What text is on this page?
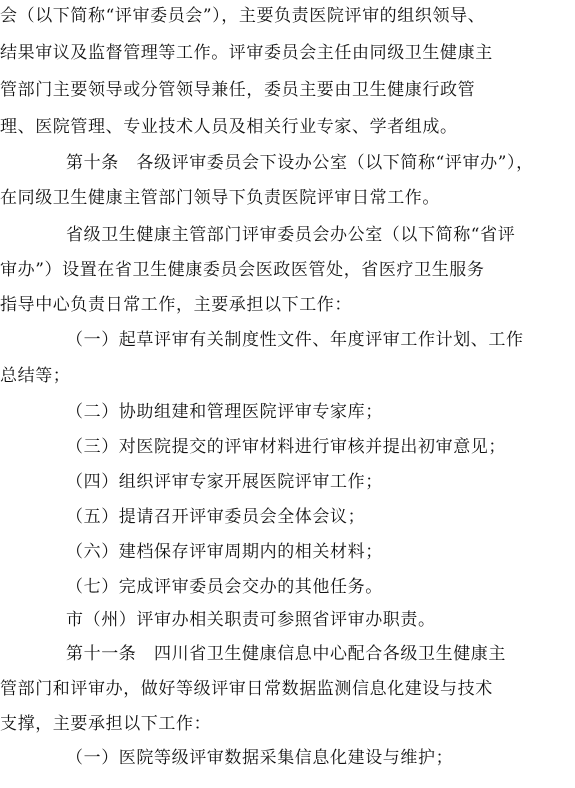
会（以下简称“评审委员会”），主要负责医院评审的组织领导、
结果审议及监督管理等工作。评审委员会主任由同级卫生健康主
管部门主要领导或分管领导兼任，委员主要由卫生健康行政管
理、医院管理、专业技术人员及相关行业专家、学者组成。
第十条　各级评审委员会下设办公室（以下简称“评审办”），
在同级卫生健康主管部门领导下负责医院评审日常工作。
省级卫生健康主管部门评审委员会办公室（以下简称“省评
审办”）设置在省卫生健康委员会医政医管处，省医疗卫生服务
指导中心负责日常工作，主要承担以下工作：
（一）起草评审有关制度性文件、年度评审工作计划、工作
总结等；
（二）协助组建和管理医院评审专家库；
（三）对医院提交的评审材料进行审核并提出初审意见；
（四）组织评审专家开展医院评审工作；
（五）提请召开评审委员会全体会议；
（六）建档保存评审周期内的相关材料；
（七）完成评审委员会交办的其他任务。
市（州）评审办相关职责可参照省评审办职责。
第十一条　四川省卫生健康信息中心配合各级卫生健康主
管部门和评审办，做好等级评审日常数据监测信息化建设与技术
支撑，主要承担以下工作：
（一）医院等级评审数据采集信息化建设与维护；
